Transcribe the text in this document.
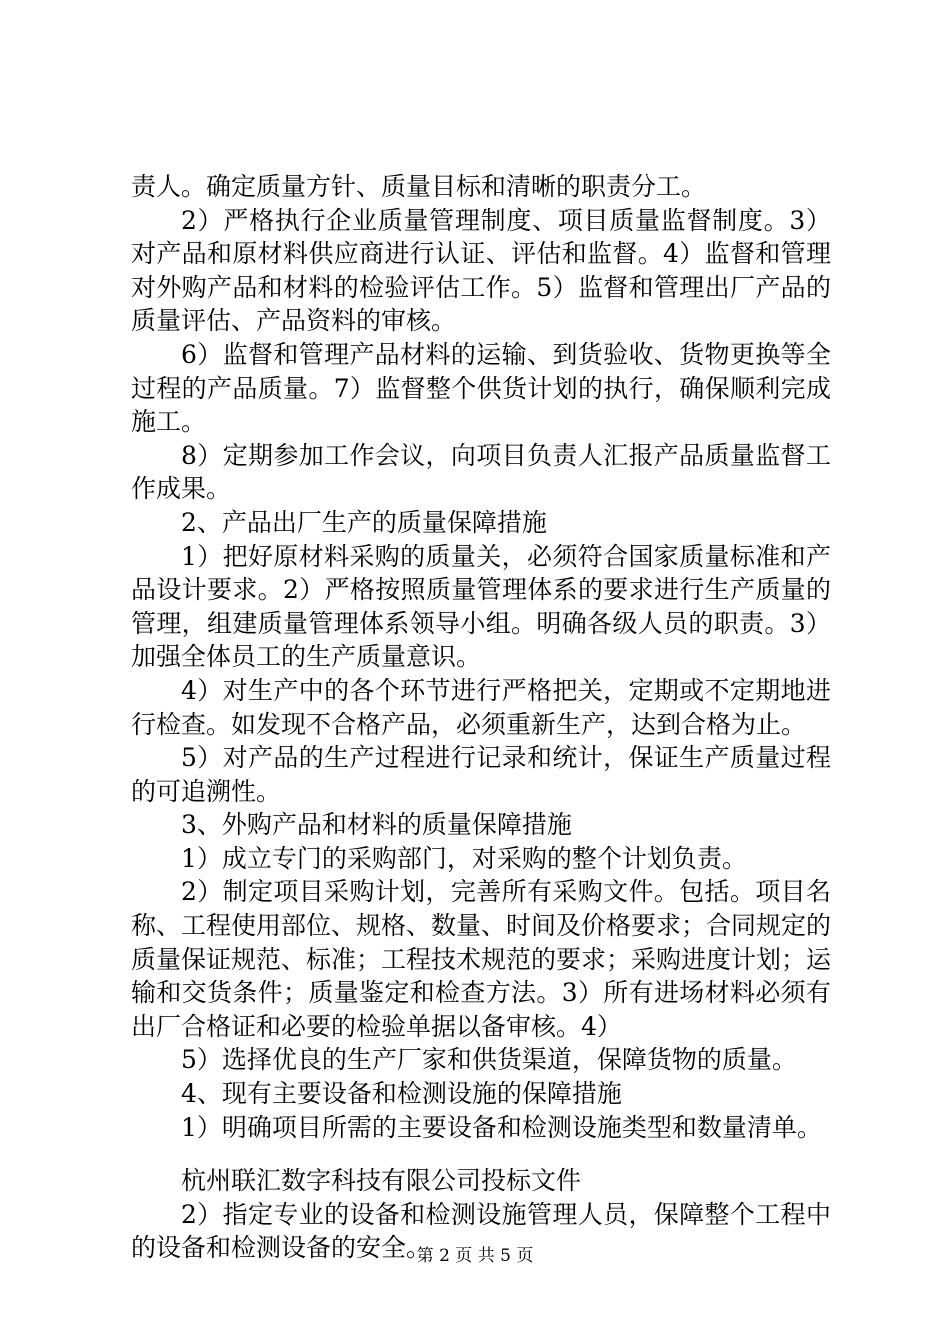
责人。确定质量方针、质量目标和清晰的职责分工。

2）严格执行企业质量管理制度、项目质量监督制度。3）对产品和原材料供应商进行认证、评估和监督。4）监督和管理对外购产品和材料的检验评估工作。5）监督和管理出厂产品的质量评估、产品资料的审核。

6）监督和管理产品材料的运输、到货验收、货物更换等全过程的产品质量。7）监督整个供货计划的执行，确保顺利完成施工。

8）定期参加工作会议，向项目负责人汇报产品质量监督工作成果。

2、产品出厂生产的质量保障措施

1）把好原材料采购的质量关，必须符合国家质量标准和产品设计要求。2）严格按照质量管理体系的要求进行生产质量的管理，组建质量管理体系领导小组。明确各级人员的职责。3）加强全体员工的生产质量意识。

4）对生产中的各个环节进行严格把关，定期或不定期地进行检查。如发现不合格产品，必须重新生产，达到合格为止。

5）对产品的生产过程进行记录和统计，保证生产质量过程的可追溯性。

3、外购产品和材料的质量保障措施

1）成立专门的采购部门，对采购的整个计划负责。

2）制定项目采购计划，完善所有采购文件。包括。项目名称、工程使用部位、规格、数量、时间及价格要求；合同规定的质量保证规范、标准；工程技术规范的要求；采购进度计划；运输和交货条件；质量鉴定和检查方法。3）所有进场材料必须有出厂合格证和必要的检验单据以备审核。4）

5）选择优良的生产厂家和供货渠道，保障货物的质量。

4、现有主要设备和检测设施的保障措施

1）明确项目所需的主要设备和检测设施类型和数量清单。

杭州联汇数字科技有限公司投标文件

2）指定专业的设备和检测设施管理人员，保障整个工程中的设备和检测设备的安全。

第 2 页 共 5 页
